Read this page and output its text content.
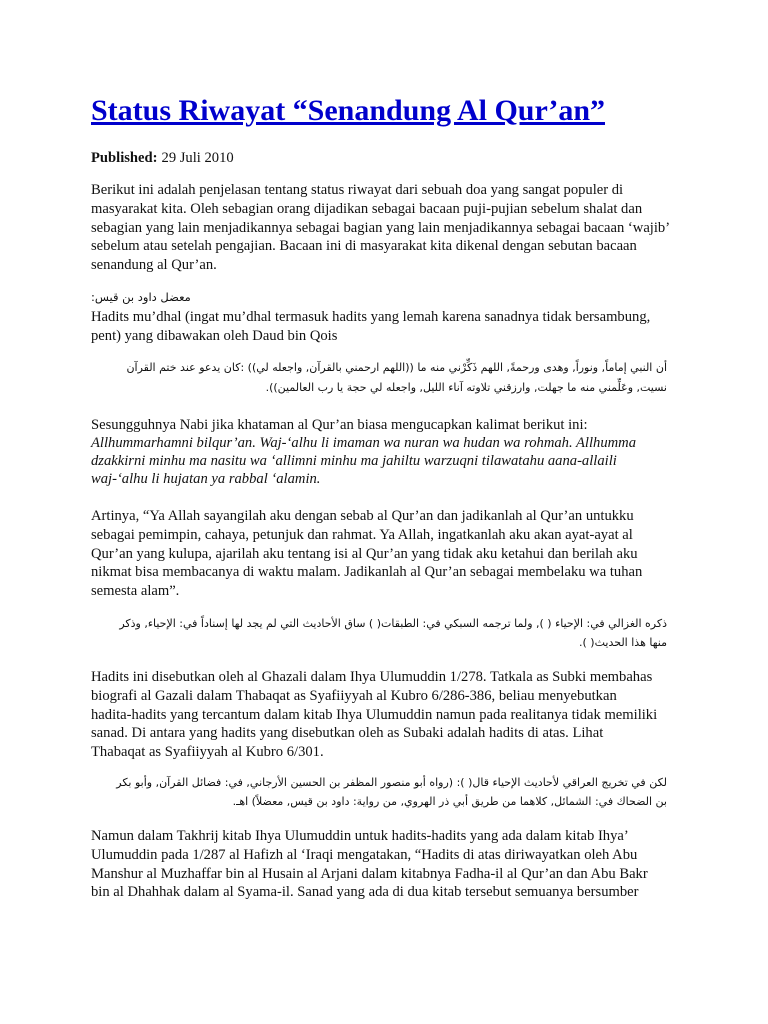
Status Riwayat “Senandung Al Qur’an”
Published: 29 Juli 2010
Berikut ini adalah penjelasan tentang status riwayat dari sebuah doa yang sangat populer di
masyarakat kita. Oleh sebagian orang dijadikan sebagai bacaan puji-pujian sebelum shalat dan
sebagian yang lain menjadikannya sebagai bagian yang lain menjadikannya sebagai bacaan ‘wajib’
sebelum atau setelah pengajian. Bacaan ini di masyarakat kita dikenal dengan sebutan bacaan
senandung al Qur’an.
معضل داود بن قيس:
Hadits mu’dhal (ingat mu’dhal termasuk hadits yang lemah karena sanadnya tidak bersambung,
pent) yang dibawakan oleh Daud bin Qois
أن النبي إماماً, ونوراً, وهدى ورحمةً, اللهم ذَكِّرْني منه ما ((اللهم ارحمني بالقرآن, واجعله لي)) :كان يدعو عند ختم القرآن
نسيت, وعَلِّمني منه ما جهلت, وارزقني تلاوته آناء الليل, واجعله لي حجة يا رب العالمين)).
Sesungguhnya Nabi jika khataman al Qur’an biasa mengucapkan kalimat berikut ini:
Allhummarhamni bilqur’an. Waj-‘alhu li imaman wa nuran wa hudan wa rohmah. Allhumma
dzakkirni minhu ma nasitu wa ‘allimni minhu ma jahiltu warzuqni tilawatahu aana-allaili
waj-‘alhu li hujatan ya rabbal ‘alamin.
Artinya, “Ya Allah sayangilah aku dengan sebab al Qur’an dan jadikanlah al Qur’an untukku
sebagai pemimpin, cahaya, petunjuk dan rahmat. Ya Allah, ingatkanlah aku akan ayat-ayat al
Qur’an yang kulupa, ajarilah aku tentang isi al Qur’an yang tidak aku ketahui dan berilah aku
nikmat bisa membacanya di waktu malam. Jadikanlah al Qur’an sebagai membelaku wa tuhan
semesta alam”.
ذكره الغزالي في: الإحياء ( ), ولما ترجمه السبكي في: الطبقات( ) ساق الأحاديث التي لم يجد لها إسناداً في: الإحياء, وذكر
منها هذا الحديث( ).
Hadits ini disebutkan oleh al Ghazali dalam Ihya Ulumuddin 1/278. Tatkala as Subki membahas
biografi al Gazali dalam Thabaqat as Syafiiyyah al Kubro 6/286-386, beliau menyebutkan
hadita-hadits yang tercantum dalam kitab Ihya Ulumuddin namun pada realitanya tidak memiliki
sanad. Di antara yang hadits yang disebutkan oleh as Subaki adalah hadits di atas. Lihat
Thabaqat as Syafiiyyah al Kubro 6/301.
لكن في تخريج العراقي لأحاديث الإحياء قال( ): (رواه أبو منصور المظفر بن الحسين الأرجاني, في: فضائل القرآن, وأبو بكر
بن الضحاك في: الشمائل, كلاهما من طريق أبي ذر الهروي, من رواية: داود بن قيس, معضلاً) اهـ.
Namun dalam Takhrij kitab Ihya Ulumuddin untuk hadits-hadits yang ada dalam kitab Ihya’
Ulumuddin pada 1/287 al Hafizh al ‘Iraqi mengatakan, “Hadits di atas diriwayatkan oleh Abu
Manshur al Muzhaffar bin al Husain al Arjani dalam kitabnya Fadha-il al Qur’an dan Abu Bakr
bin al Dhahhak dalam al Syama-il. Sanad yang ada di dua kitab tersebut semuanya bersumber
